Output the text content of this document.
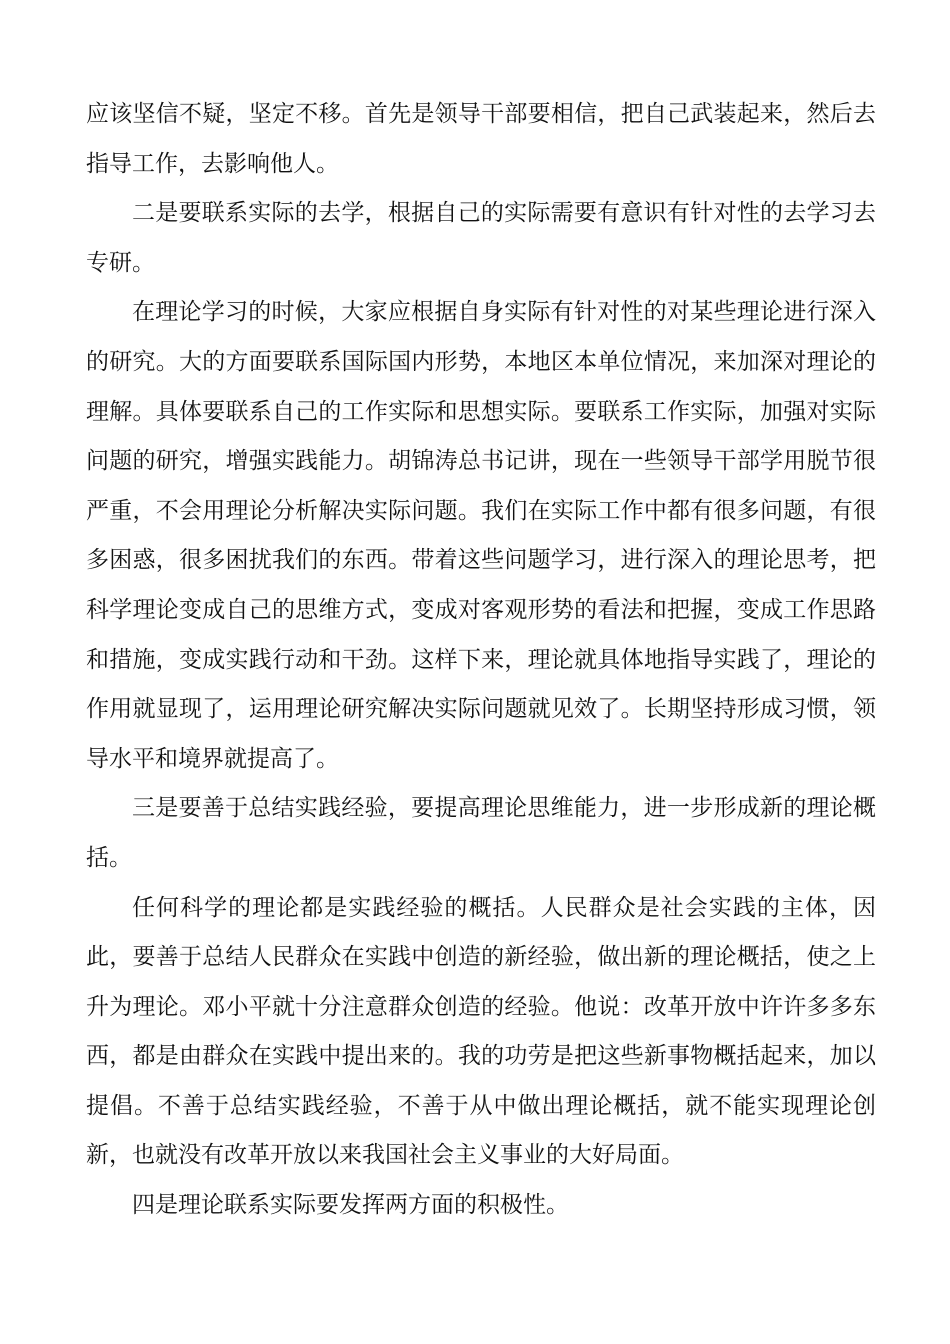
应该坚信不疑，坚定不移。首先是领导干部要相信，把自己武装起来，然后去指导工作，去影响他人。

二是要联系实际的去学，根据自己的实际需要有意识有针对性的去学习去专研。

在理论学习的时候，大家应根据自身实际有针对性的对某些理论进行深入的研究。大的方面要联系国际国内形势，本地区本单位情况，来加深对理论的理解。具体要联系自己的工作实际和思想实际。要联系工作实际，加强对实际问题的研究，增强实践能力。胡锦涛总书记讲，现在一些领导干部学用脱节很严重，不会用理论分析解决实际问题。我们在实际工作中都有很多问题，有很多困惑，很多困扰我们的东西。带着这些问题学习，进行深入的理论思考，把科学理论变成自己的思维方式，变成对客观形势的看法和把握，变成工作思路和措施，变成实践行动和干劲。这样下来，理论就具体地指导实践了，理论的作用就显现了，运用理论研究解决实际问题就见效了。长期坚持形成习惯，领导水平和境界就提高了。

三是要善于总结实践经验，要提高理论思维能力，进一步形成新的理论概括。

任何科学的理论都是实践经验的概括。人民群众是社会实践的主体，因此，要善于总结人民群众在实践中创造的新经验，做出新的理论概括，使之上升为理论。邓小平就十分注意群众创造的经验。他说：改革开放中许许多多东西，都是由群众在实践中提出来的。我的功劳是把这些新事物概括起来，加以提倡。不善于总结实践经验，不善于从中做出理论概括，就不能实现理论创新，也就没有改革开放以来我国社会主义事业的大好局面。

四是理论联系实际要发挥两方面的积极性。
